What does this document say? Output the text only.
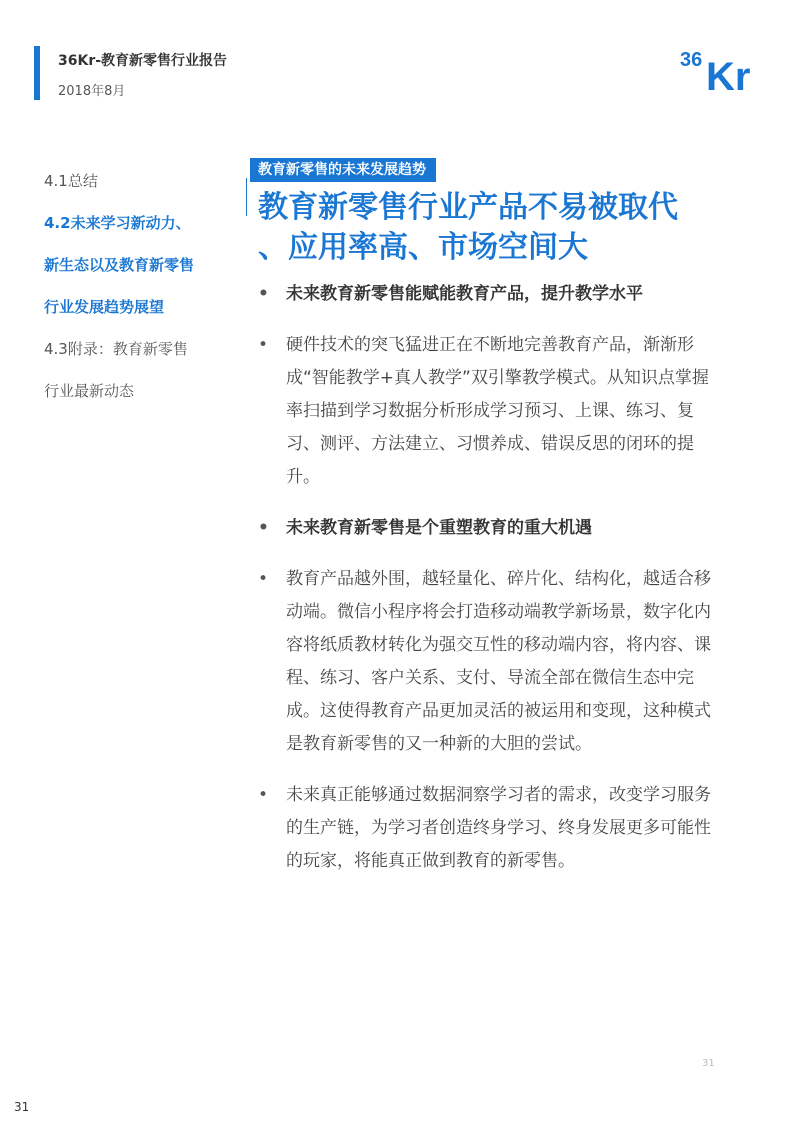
36Kr-教育新零售行业报告
2018年8月
36 Kr
4.1总结
4.2未来学习新动力、
新生态以及教育新零售
行业发展趋势展望
4.3附录：教育新零售
行业最新动态
教育新零售的未来发展趋势
教育新零售行业产品不易被取代
、应用率高、市场空间大
• 未来教育新零售能赋能教育产品，提升教学水平
• 硬件技术的突飞猛进正在不断地完善教育产品，渐渐形成“智能教学+真人教学”双引擎教学模式。从知识点掌握率扫描到学习数据分析形成学习预习、上课、练习、复习、测评、方法建立、习惯养成、错误反思的闭环的提升。
• 未来教育新零售是个重塑教育的重大机遇
• 教育产品越外围，越轻量化、碎片化、结构化，越适合移动端。微信小程序将会打造移动端教学新场景，数字化内容将纸质教材转化为强交互性的移动端内容，将内容、课程、练习、客户关系、支付、导流全部在微信生态中完成。这使得教育产品更加灵活的被运用和变现，这种模式是教育新零售的又一种新的大胆的尝试。
• 未来真正能够通过数据洞察学习者的需求，改变学习服务的生产链，为学习者创造终身学习、终身发展更多可能性的玩家，将能真正做到教育的新零售。
31
31
